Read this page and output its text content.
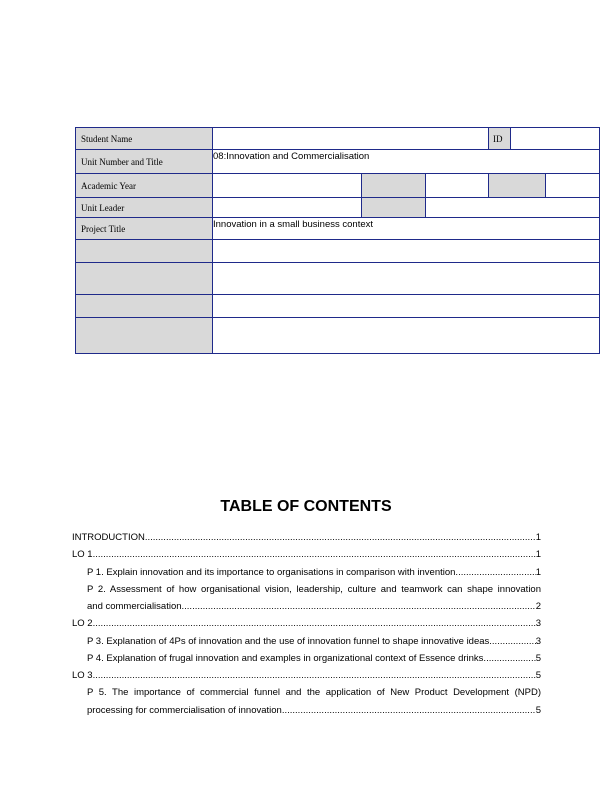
Student Name	ID
Unit Number and Title	08:Innovation and Commercialisation
Academic Year
Unit Leader
Project Title	Innovation in a small business context
TABLE OF CONTENTS
INTRODUCTION .....	1
LO 1 .....	1
P 1. Explain innovation and its importance to organisations in comparison with invention. .....	1
P 2. Assessment of how organisational vision, leadership, culture and teamwork can shape innovation
and commercialisation .....	2
LO 2 .....	3
P 3. Explanation of 4Ps of innovation and the use of innovation funnel to shape innovative ideas. .....	3
P 4. Explanation of frugal innovation and examples in organizational context of Essence drinks. .....	5
LO 3 .....	5
P 5. The importance of commercial funnel and the application of New Product Development (NPD)
processing for commercialisation of innovation. .....	5
